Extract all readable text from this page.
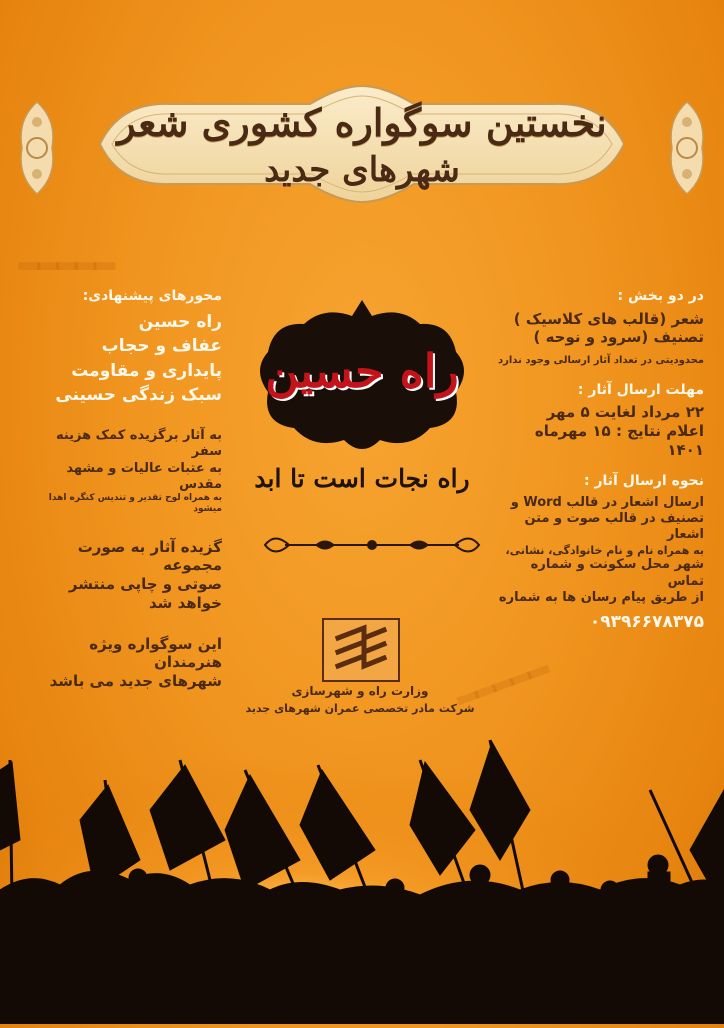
ـــــ
ـــــ
نخستین سوگواره کشوری شعر
شهرهای جدید
در دو بخش :
شعر (قالب های کلاسیک )
تصنیف (سرود و نوحه )
محدودیتی در تعداد آثار ارسالی وجود ندارد
مهلت ارسال آثار :
۲۲ مرداد لغایت ۵ مهر
اعلام نتایج : ۱۵ مهرماه ۱۴۰۱
نحوه ارسال آثار :
ارسال اشعار در قالب Word و
تصنیف در قالب صوت و متن اشعار
به همراه نام و نام خانوادگی، نشانی،
شهر محل سکونت و شماره تماس
از طریق پیام رسان ها به شماره
۰۹۳۹۶۶۷۸۳۷۵
محورهای پیشنهادی:
راه حسین
عفاف و حجاب
پایداری و مقاومت
سبک زندگی حسینی
به آثار برگزیده کمک هزینه سفر
به عتبات عالیات و مشهد مقدس
به همراه لوح تقدیر و تندیس کنگره اهدا میشود
گزیده آثار به صورت مجموعه
صوتی و چاپی منتشر خواهد شد
این سوگواره ویژه هنرمندان
شهرهای جدید می باشد
راه حسین
راه نجات است تا ابد
وزارت راه و شهرسازی
